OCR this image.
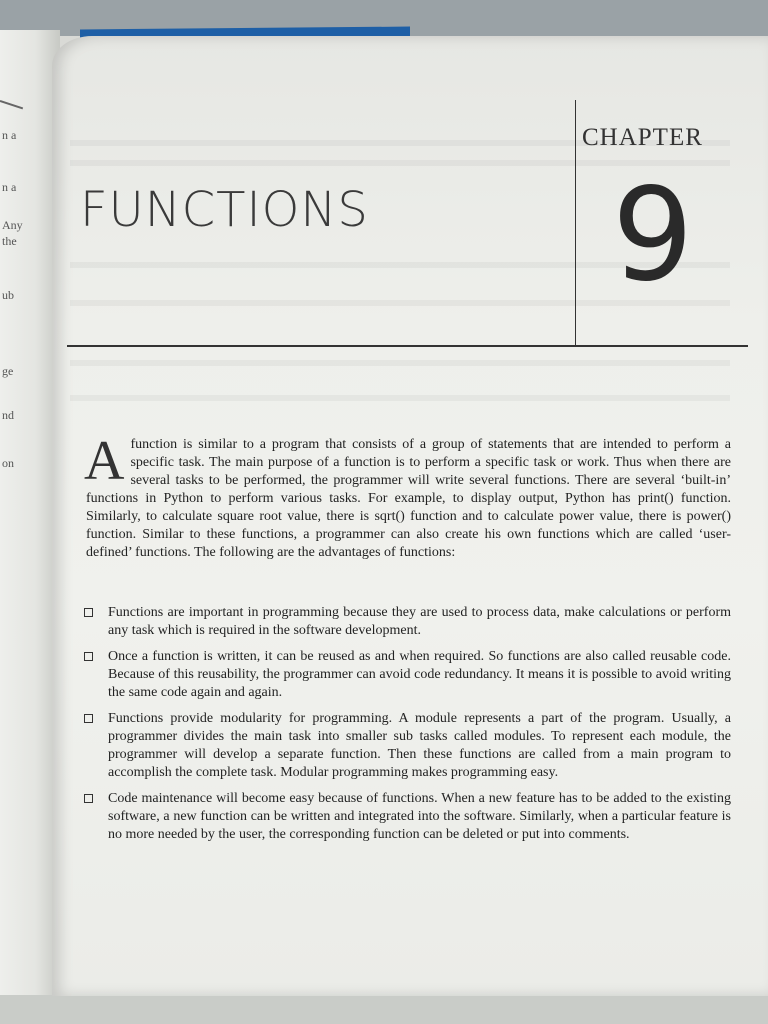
n a
n a
Any
the
ub
ge
nd
on
CHAPTER
9
FUNCTIONS
Afunction is similar to a program that consists of a group of statements that are intended to perform a specific task. The main purpose of a function is to perform a specific task or work. Thus when there are several tasks to be performed, the programmer will write several functions. There are several ‘built-in’ functions in Python to perform various tasks. For example, to display output, Python has print() function. Similarly, to calculate square root value, there is sqrt() function and to calculate power value, there is power() function. Similar to these functions, a programmer can also create his own functions which are called ‘user-defined’ functions. The following are the advantages of functions:
Functions are important in programming because they are used to process data, make calculations or perform any task which is required in the software development.
Once a function is written, it can be reused as and when required. So functions are also called reusable code. Because of this reusability, the programmer can avoid code redundancy. It means it is possible to avoid writing the same code again and again.
Functions provide modularity for programming. A module represents a part of the program. Usually, a programmer divides the main task into smaller sub tasks called modules. To represent each module, the programmer will develop a separate function. Then these functions are called from a main program to accomplish the complete task. Modular programming makes programming easy.
Code maintenance will become easy because of functions. When a new feature has to be added to the existing software, a new function can be written and integrated into the software. Similarly, when a particular feature is no more needed by the user, the corresponding function can be deleted or put into comments.
